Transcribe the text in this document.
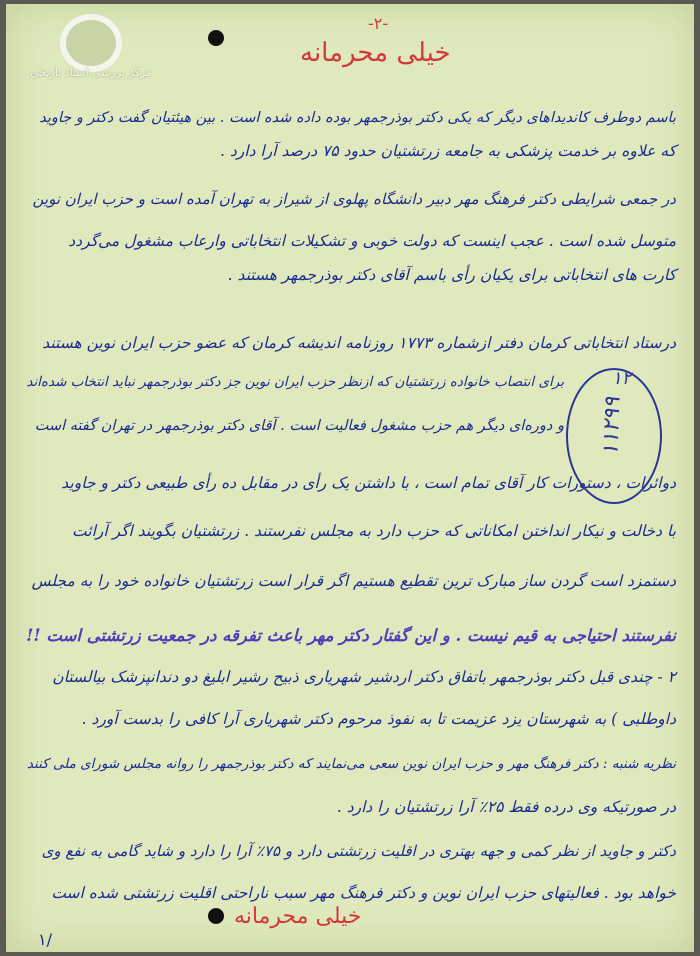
مرکز بررسی اسناد تاریخی
-۲-
خیلی محرمانه
باسم دوطرف کاندیداهای دیگر که یکی دکتر بوذرجمهر بوده داده شده است . بین هیئتیان گفت دکتر و جاوید
که علاوه بر خدمت پزشکی به جامعه زرتشتیان حدود ۷۵ درصد آرا دارد .
در جمعی شرایطی دکتر فرهنگ مهر دبیر دانشگاه پهلوی از شیراز به تهران آمده است و حزب ایران نوین
متوسل شده است . عجب اینست که دولت خوبی و تشکیلات انتخاباتی وارعاب مشغول می‌گردد
کارت های انتخاباتی برای یکیان رأی باسم آقای دکتر بوذرجمهر هستند .
درستاد انتخاباتی کرمان دفتر ازشماره ۱۷۷۳ روزنامه اندیشه کرمان که عضو حزب ایران نوین هستند
برای انتصاب خانواده زرتشتیان که ازنظر حزب ایران نوین جز دکتر بوذرجمهر نباید انتخاب شده‌اند
و دوره‌ای دیگر هم حزب مشغول فعالیت است . آقای دکتر بوذرجمهر در تهران گفته است
دوائرات ، دستورات کار آقای تمام است ، با داشتن یک رأی در مقابل ده رأی طبیعی دکتر و جاوید
با دخالت و نیکار انداختن امکاناتی که حزب دارد به مجلس نفرستند . زرتشتیان بگویند اگر آرائت
دستمزد است گردن ساز مبارک ترین تقطیع هستیم اگر قرار است زرتشتیان خانواده خود را به مجلس
نفرستند احتیاجی به قیم نیست . و این گفتار دکتر مهر باعث تفرقه در جمعیت زرتشتی است !!
۲ - چندی قبل دکتر بوذرجمهر باتفاق دکتر اردشیر شهریاری ذبیح رشیر ابلیغ دو دندانپزشک بیالستان
داوطلبی ) به شهرستان یزد عزیمت تا به نفوذ مرحوم دکتر شهریاری آرا کافی را بدست آورد .
نظریه شنبه : دکتر فرهنگ مهر و حزب ایران نوین سعی می‌نمایند که دکتر بوذرجمهر را روانه مجلس شورای ملی کنند
در صورتیکه وی درده فقط ۲۵٪ آرا زرتشتیان را دارد .
دکتر و جاوید از نظر کمی و جهه بهتری در اقلیت زرتشتی دارد و ۷۵٪ آرا را دارد و شاید گامی به نفع وی
خواهد بود . فعالیتهای حزب ایران نوین و دکتر فرهنگ مهر سبب ناراحتی اقلیت زرتشتی شده است
۱۱۲۹۹
۱۲
۱/
خیلی محرمانه
